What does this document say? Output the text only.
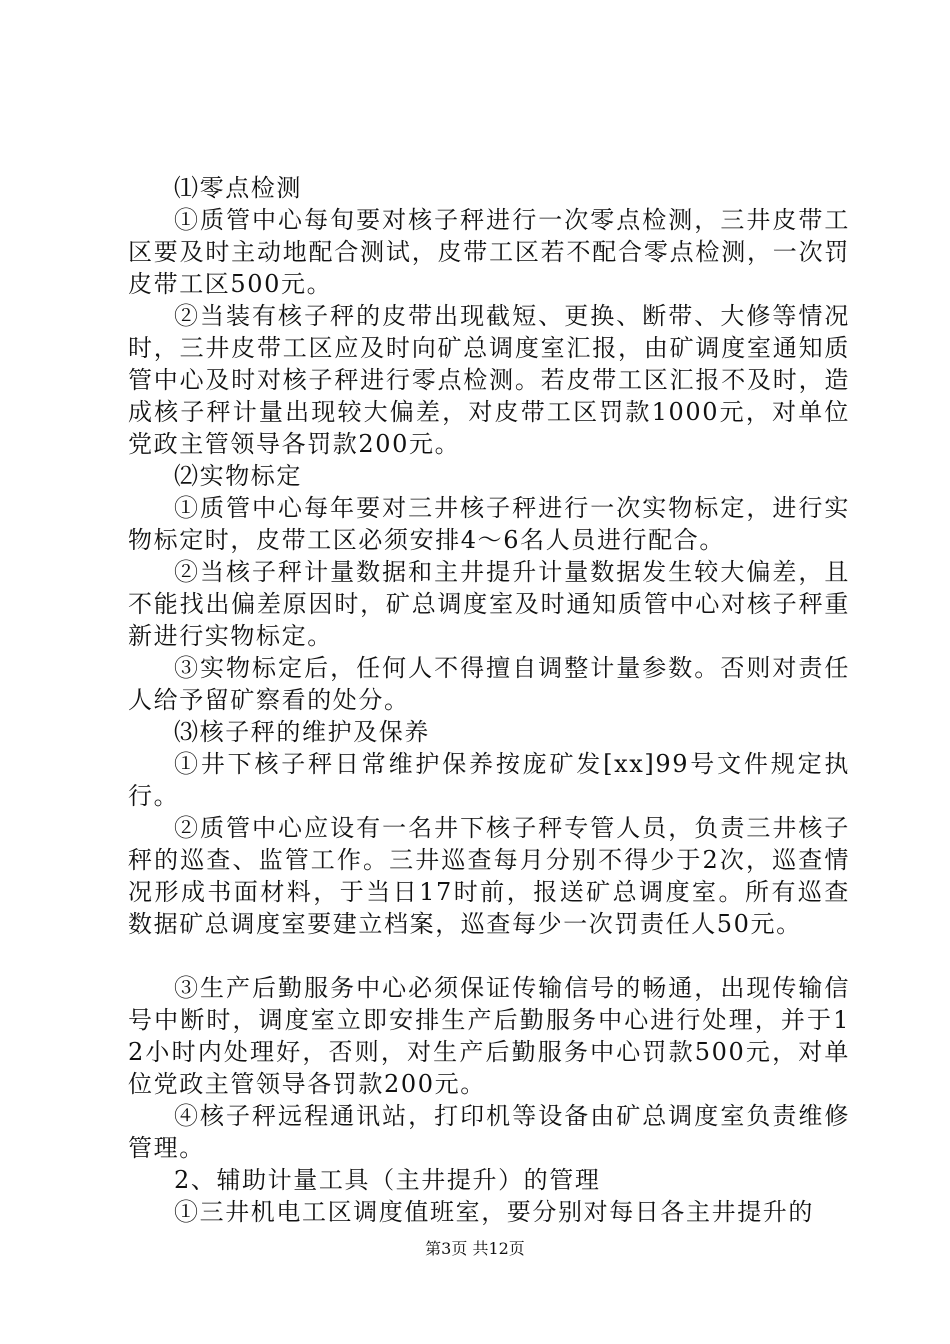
⑴零点检测

①质管中心每旬要对核子秤进行一次零点检测，三井皮带工区要及时主动地配合测试，皮带工区若不配合零点检测，一次罚皮带工区500元。

②当装有核子秤的皮带出现截短、更换、断带、大修等情况时，三井皮带工区应及时向矿总调度室汇报，由矿调度室通知质管中心及时对核子秤进行零点检测。若皮带工区汇报不及时，造成核子秤计量出现较大偏差，对皮带工区罚款1000元，对单位党政主管领导各罚款200元。

⑵实物标定

①质管中心每年要对三井核子秤进行一次实物标定，进行实物标定时，皮带工区必须安排4～6名人员进行配合。

②当核子秤计量数据和主井提升计量数据发生较大偏差，且不能找出偏差原因时，矿总调度室及时通知质管中心对核子秤重新进行实物标定。

③实物标定后，任何人不得擅自调整计量参数。否则对责任人给予留矿察看的处分。

⑶核子秤的维护及保养

①井下核子秤日常维护保养按庞矿发[xx]99号文件规定执行。

②质管中心应设有一名井下核子秤专管人员，负责三井核子秤的巡查、监管工作。三井巡查每月分别不得少于2次，巡查情况形成书面材料，于当日17时前，报送矿总调度室。所有巡查数据矿总调度室要建立档案，巡查每少一次罚责任人50元。

③生产后勤服务中心必须保证传输信号的畅通，出现传输信号中断时，调度室立即安排生产后勤服务中心进行处理，并于12小时内处理好，否则，对生产后勤服务中心罚款500元，对单位党政主管领导各罚款200元。

④核子秤远程通讯站，打印机等设备由矿总调度室负责维修管理。

2、辅助计量工具（主井提升）的管理

①三井机电工区调度值班室，要分别对每日各主井提升的

第3页 共12页
